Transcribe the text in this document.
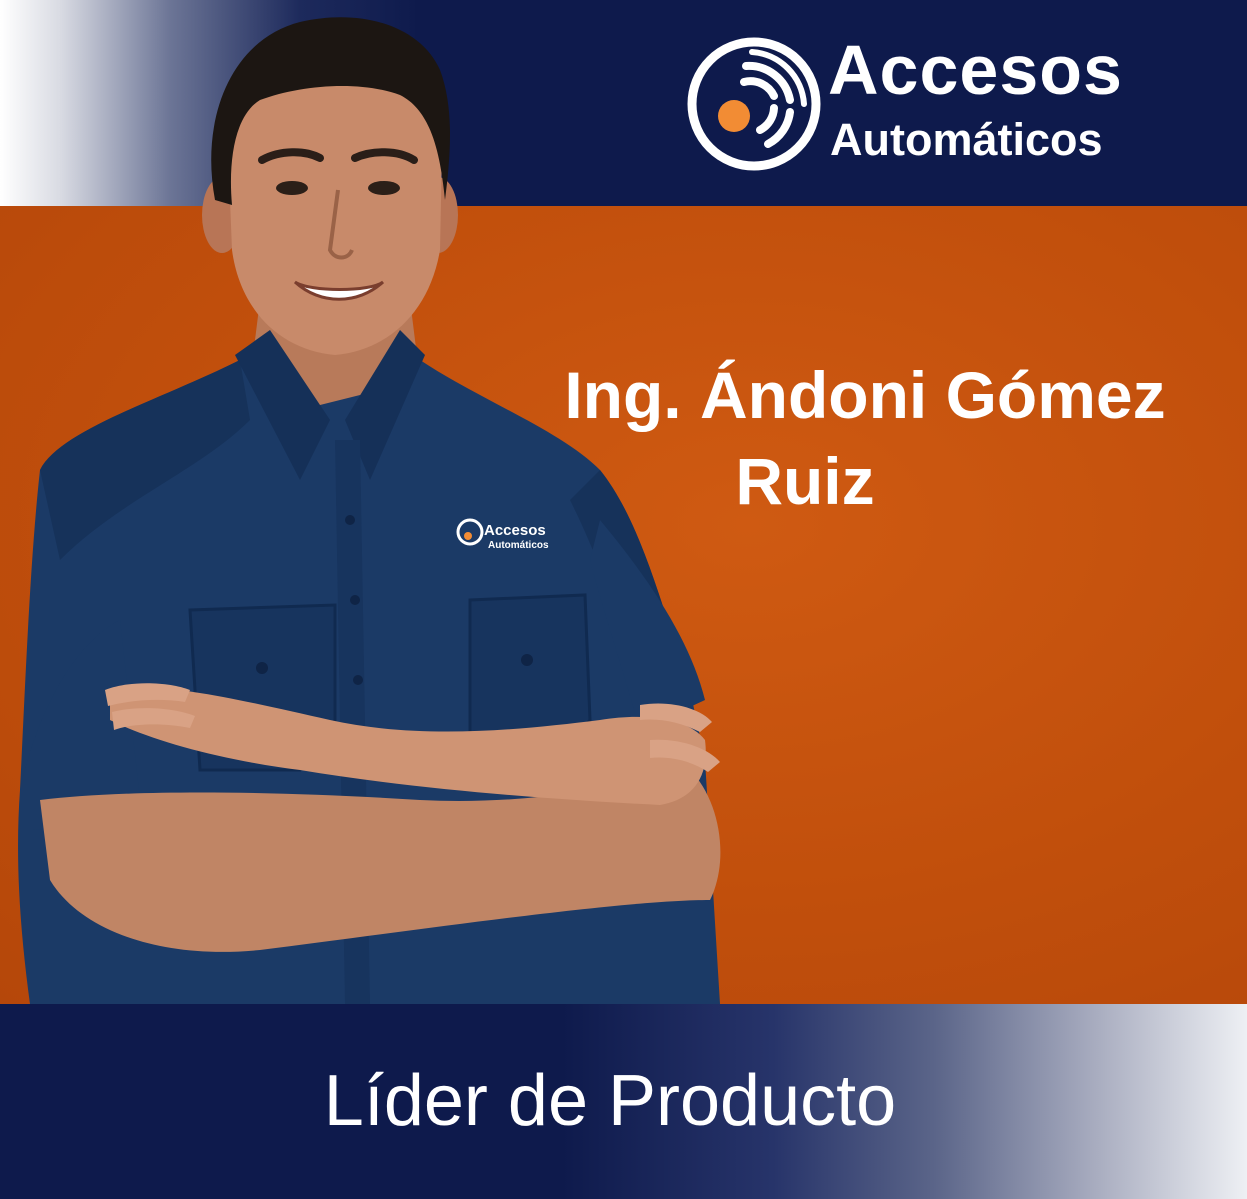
Accesos
Automáticos
Accesos
Automáticos
Ing. Ándoni Gómez
Ruiz
Líder de Producto
